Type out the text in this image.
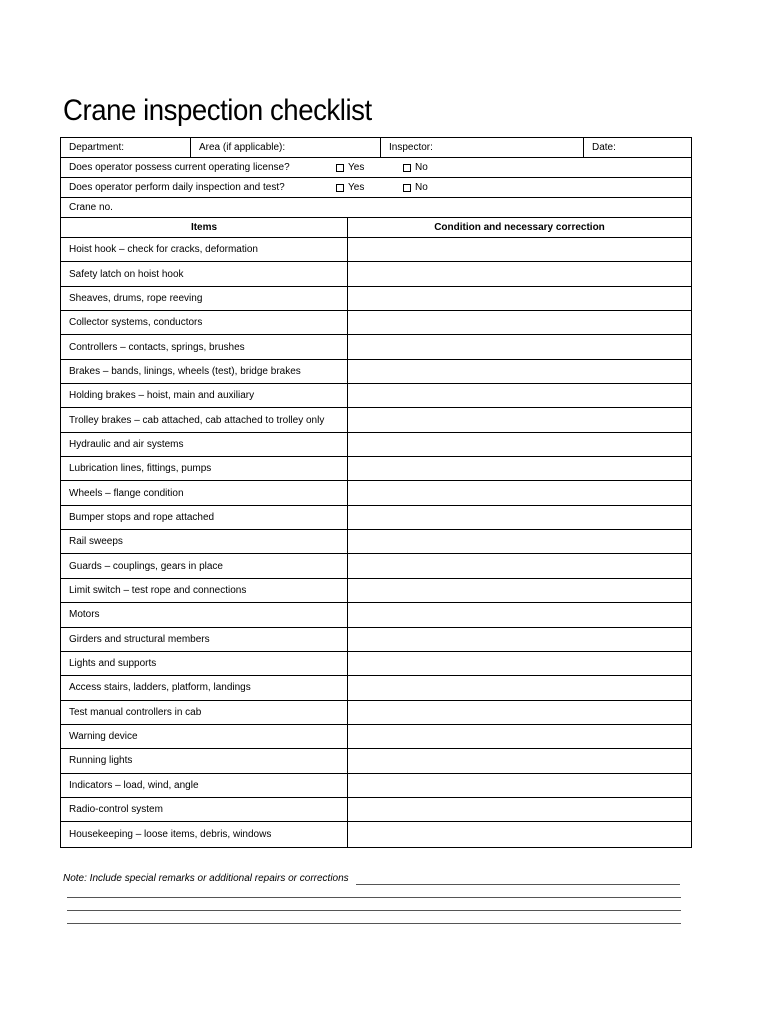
Crane inspection checklist
Department:	Area (if applicable):	Inspector:	Date:
Does operator possess current operating license?	Yes	No
Does operator perform daily inspection and test?	Yes	No
Crane no.
Items	Condition and necessary correction
Hoist hook – check for cracks, deformation
Safety latch on hoist hook
Sheaves, drums, rope reeving
Collector systems, conductors
Controllers – contacts, springs, brushes
Brakes – bands, linings, wheels (test), bridge brakes
Holding brakes – hoist, main and auxiliary
Trolley brakes – cab attached, cab attached to trolley only
Hydraulic and air systems
Lubrication lines, fittings, pumps
Wheels – flange condition
Bumper stops and rope attached
Rail sweeps
Guards – couplings, gears in place
Limit switch – test rope and connections
Motors
Girders and structural members
Lights and supports
Access stairs, ladders, platform, landings
Test manual controllers in cab
Warning device
Running lights
Indicators – load, wind, angle
Radio-control system
Housekeeping – loose items, debris, windows
Note: Include special remarks or additional repairs or corrections
